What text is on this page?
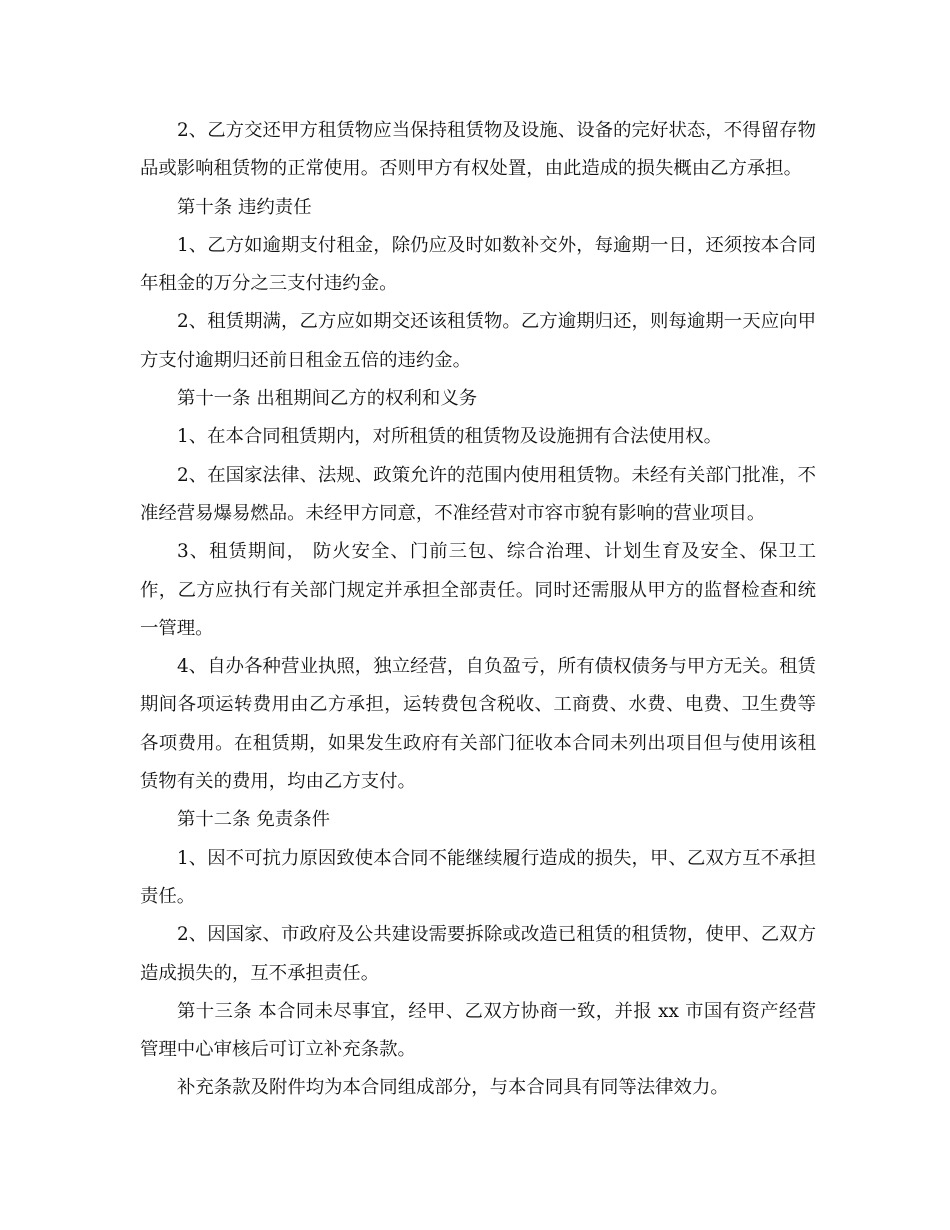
2、乙方交还甲方租赁物应当保持租赁物及设施、设备的完好状态，不得留存物品或影响租赁物的正常使用。否则甲方有权处置，由此造成的损失概由乙方承担。

第十条 违约责任

1、乙方如逾期支付租金，除仍应及时如数补交外，每逾期一日，还须按本合同年租金的万分之三支付违约金。

2、租赁期满，乙方应如期交还该租赁物。乙方逾期归还，则每逾期一天应向甲方支付逾期归还前日租金五倍的违约金。

第十一条 出租期间乙方的权利和义务

1、在本合同租赁期内，对所租赁的租赁物及设施拥有合法使用权。

2、在国家法律、法规、政策允许的范围内使用租赁物。未经有关部门批准，不准经营易爆易燃品。未经甲方同意，不准经营对市容市貌有影响的营业项目。

3、租赁期间， 防火安全、门前三包、综合治理、计划生育及安全、保卫工作，乙方应执行有关部门规定并承担全部责任。同时还需服从甲方的监督检查和统一管理。

4、自办各种营业执照，独立经营，自负盈亏，所有债权债务与甲方无关。租赁期间各项运转费用由乙方承担，运转费包含税收、工商费、水费、电费、卫生费等各项费用。在租赁期，如果发生政府有关部门征收本合同未列出项目但与使用该租赁物有关的费用，均由乙方支付。

第十二条 免责条件

1、因不可抗力原因致使本合同不能继续履行造成的损失，甲、乙双方互不承担责任。

2、因国家、市政府及公共建设需要拆除或改造已租赁的租赁物，使甲、乙双方造成损失的，互不承担责任。

第十三条 本合同未尽事宜，经甲、乙双方协商一致，并报 xx 市国有资产经营管理中心审核后可订立补充条款。

补充条款及附件均为本合同组成部分，与本合同具有同等法律效力。
